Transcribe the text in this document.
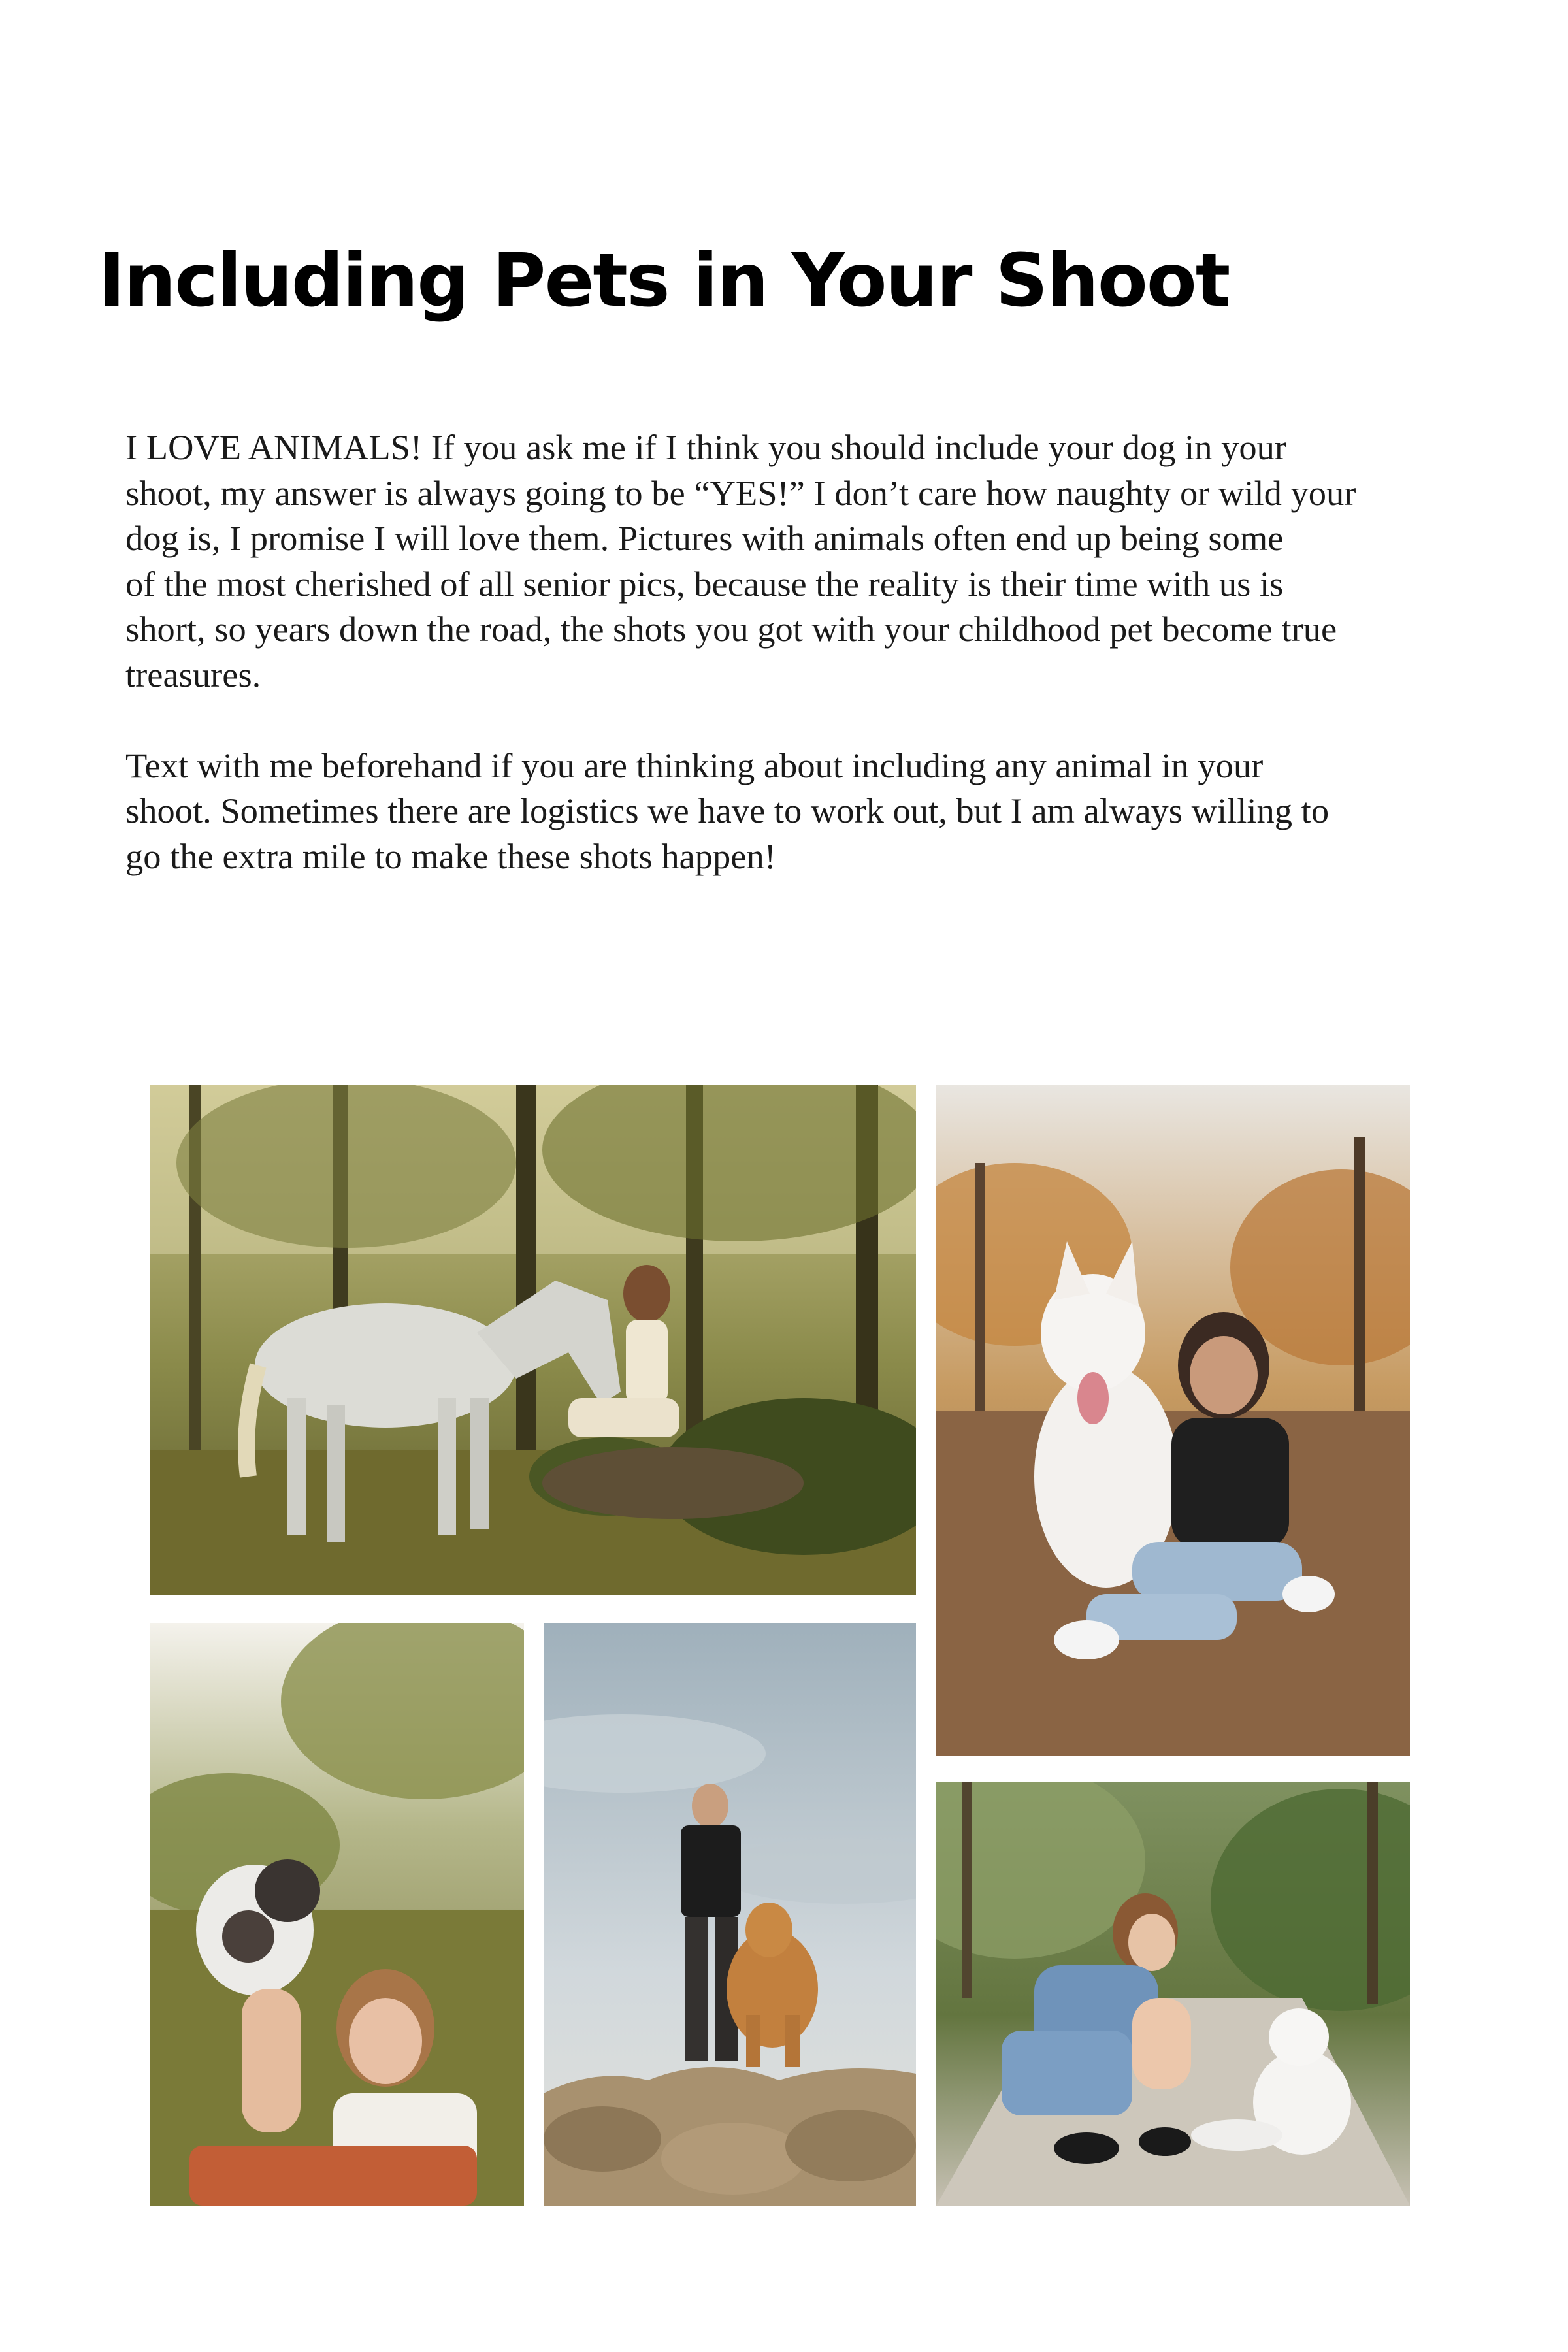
Including Pets in Your Shoot

I LOVE ANIMALS! If you ask me if I think you should include your dog in your
shoot, my answer is always going to be “YES!” I don’t care how naughty or wild your
dog is, I promise I will love them. Pictures with animals often end up being some
of the most cherished of all senior pics, because the reality is their time with us is
short, so years down the road, the shots you got with your childhood pet become true
treasures.

Text with me beforehand if you are thinking about including any animal in your
shoot. Sometimes there are logistics we have to work out, but I am always willing to
go the extra mile to make these shots happen!
